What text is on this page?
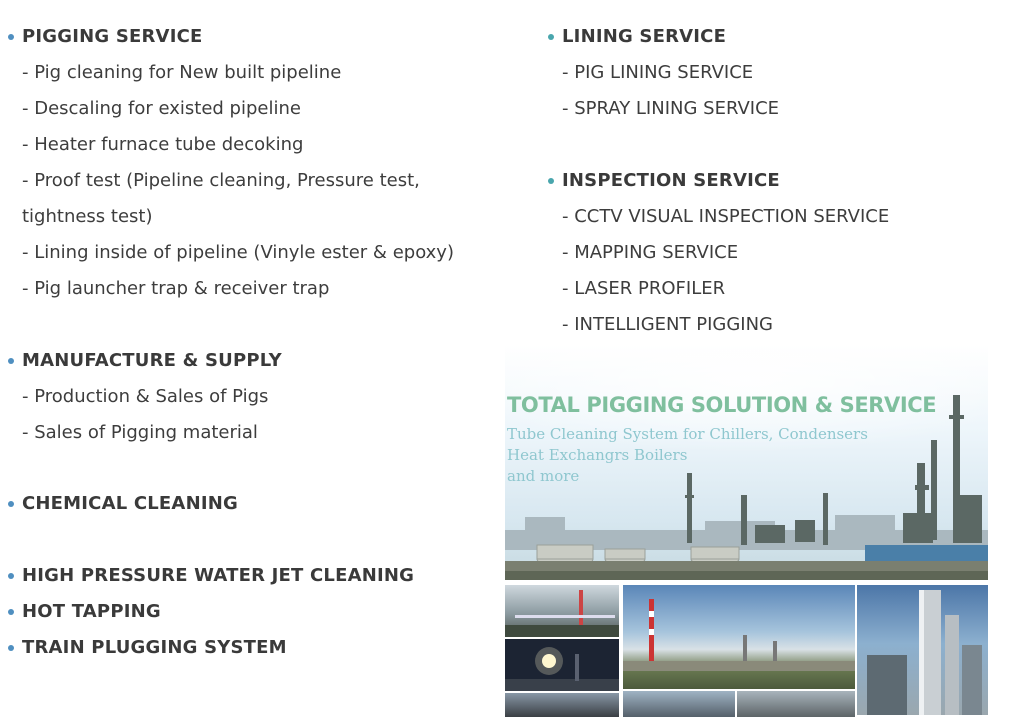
PIGGING SERVICE
- Pig cleaning for New built pipeline
- Descaling for existed pipeline
- Heater furnace tube decoking
- Proof test (Pipeline cleaning, Pressure test,
tightness test)
- Lining inside of pipeline (Vinyle ester & epoxy)
- Pig launcher trap & receiver trap
MANUFACTURE & SUPPLY
- Production & Sales of Pigs
- Sales of Pigging material
CHEMICAL CLEANING
HIGH PRESSURE WATER JET CLEANING
HOT TAPPING
TRAIN PLUGGING SYSTEM
LINING SERVICE
- PIG LINING SERVICE
- SPRAY LINING SERVICE
INSPECTION SERVICE
- CCTV VISUAL INSPECTION SERVICE
- MAPPING SERVICE
- LASER PROFILER
- INTELLIGENT PIGGING
TOTAL PIGGING SOLUTION & SERVICE
Tube Cleaning System for Chillers, Condensers
Heat Exchangrs Boilers
and more
